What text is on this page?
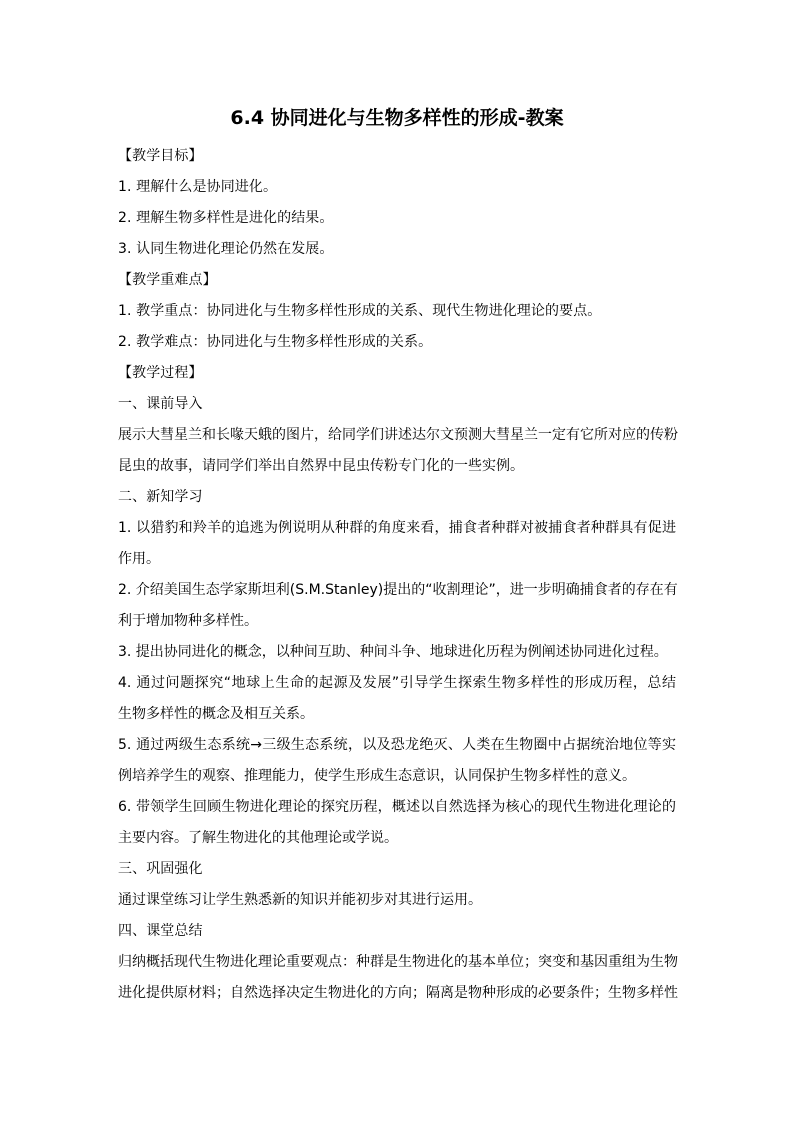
6.4 协同进化与生物多样性的形成-教案
【教学目标】
1. 理解什么是协同进化。
2. 理解生物多样性是进化的结果。
3. 认同生物进化理论仍然在发展。
【教学重难点】
1. 教学重点：协同进化与生物多样性形成的关系、现代生物进化理论的要点。
2. 教学难点：协同进化与生物多样性形成的关系。
【教学过程】
一、课前导入
展示大彗星兰和长喙天蛾的图片，给同学们讲述达尔文预测大彗星兰一定有它所对应的传粉
昆虫的故事，请同学们举出自然界中昆虫传粉专门化的一些实例。
二、新知学习
1. 以猎豹和羚羊的追逃为例说明从种群的角度来看，捕食者种群对被捕食者种群具有促进
作用。
2. 介绍美国生态学家斯坦利(S.M.Stanley)提出的“收割理论”，进一步明确捕食者的存在有
利于增加物种多样性。
3. 提出协同进化的概念，以种间互助、种间斗争、地球进化历程为例阐述协同进化过程。
4. 通过问题探究“地球上生命的起源及发展”引导学生探索生物多样性的形成历程，总结
生物多样性的概念及相互关系。
5. 通过两级生态系统→三级生态系统，以及恐龙绝灭、人类在生物圈中占据统治地位等实
例培养学生的观察、推理能力，使学生形成生态意识，认同保护生物多样性的意义。
6. 带领学生回顾生物进化理论的探究历程，概述以自然选择为核心的现代生物进化理论的
主要内容。了解生物进化的其他理论或学说。
三、巩固强化
通过课堂练习让学生熟悉新的知识并能初步对其进行运用。
四、课堂总结
归纳概括现代生物进化理论重要观点：种群是生物进化的基本单位；突变和基因重组为生物
进化提供原材料；自然选择决定生物进化的方向；隔离是物种形成的必要条件；生物多样性
